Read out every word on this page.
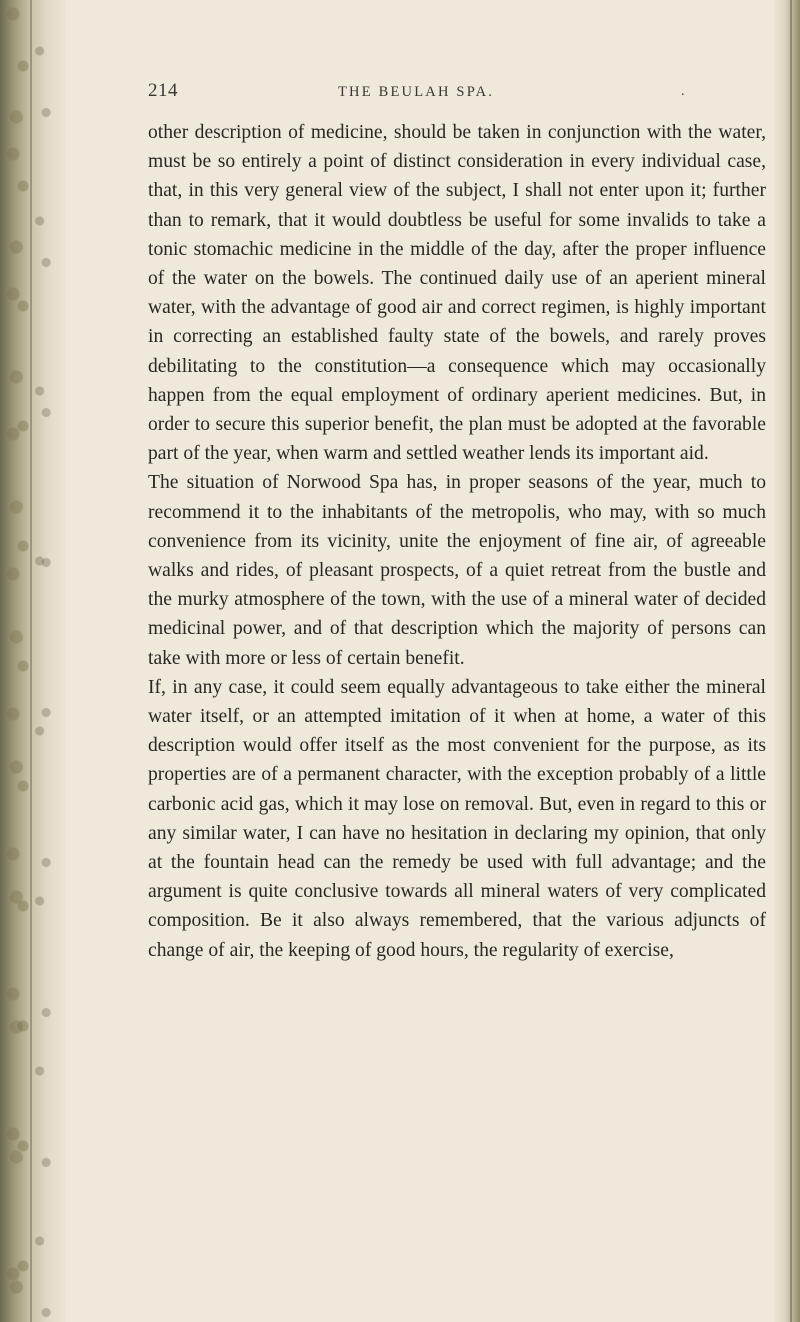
214	THE BEULAH SPA.	.

other description of medicine, should be taken in conjunction with the water, must be so entirely a point of distinct consideration in every individual case, that, in this very general view of the subject, I shall not enter upon it; further than to remark, that it would doubtless be useful for some invalids to take a tonic stomachic medicine in the middle of the day, after the proper influence of the water on the bowels. The continued daily use of an aperient mineral water, with the advantage of good air and correct regimen, is highly important in correcting an established faulty state of the bowels, and rarely proves debilitating to the constitution—a consequence which may occasionally happen from the equal employment of ordinary aperient medicines. But, in order to secure this superior benefit, the plan must be adopted at the favorable part of the year, when warm and settled weather lends its important aid.

The situation of Norwood Spa has, in proper seasons of the year, much to recommend it to the inhabitants of the metropolis, who may, with so much convenience from its vicinity, unite the enjoyment of fine air, of agreeable walks and rides, of pleasant prospects, of a quiet retreat from the bustle and the murky atmosphere of the town, with the use of a mineral water of decided medicinal power, and of that description which the majority of persons can take with more or less of certain benefit.

If, in any case, it could seem equally advantageous to take either the mineral water itself, or an attempted imitation of it when at home, a water of this description would offer itself as the most convenient for the purpose, as its properties are of a permanent character, with the exception probably of a little carbonic acid gas, which it may lose on removal. But, even in regard to this or any similar water, I can have no hesitation in declaring my opinion, that only at the fountain head can the remedy be used with full advantage; and the argument is quite conclusive towards all mineral waters of very complicated composition. Be it also always remembered, that the various adjuncts of change of air, the keeping of good hours, the regularity of exercise,
